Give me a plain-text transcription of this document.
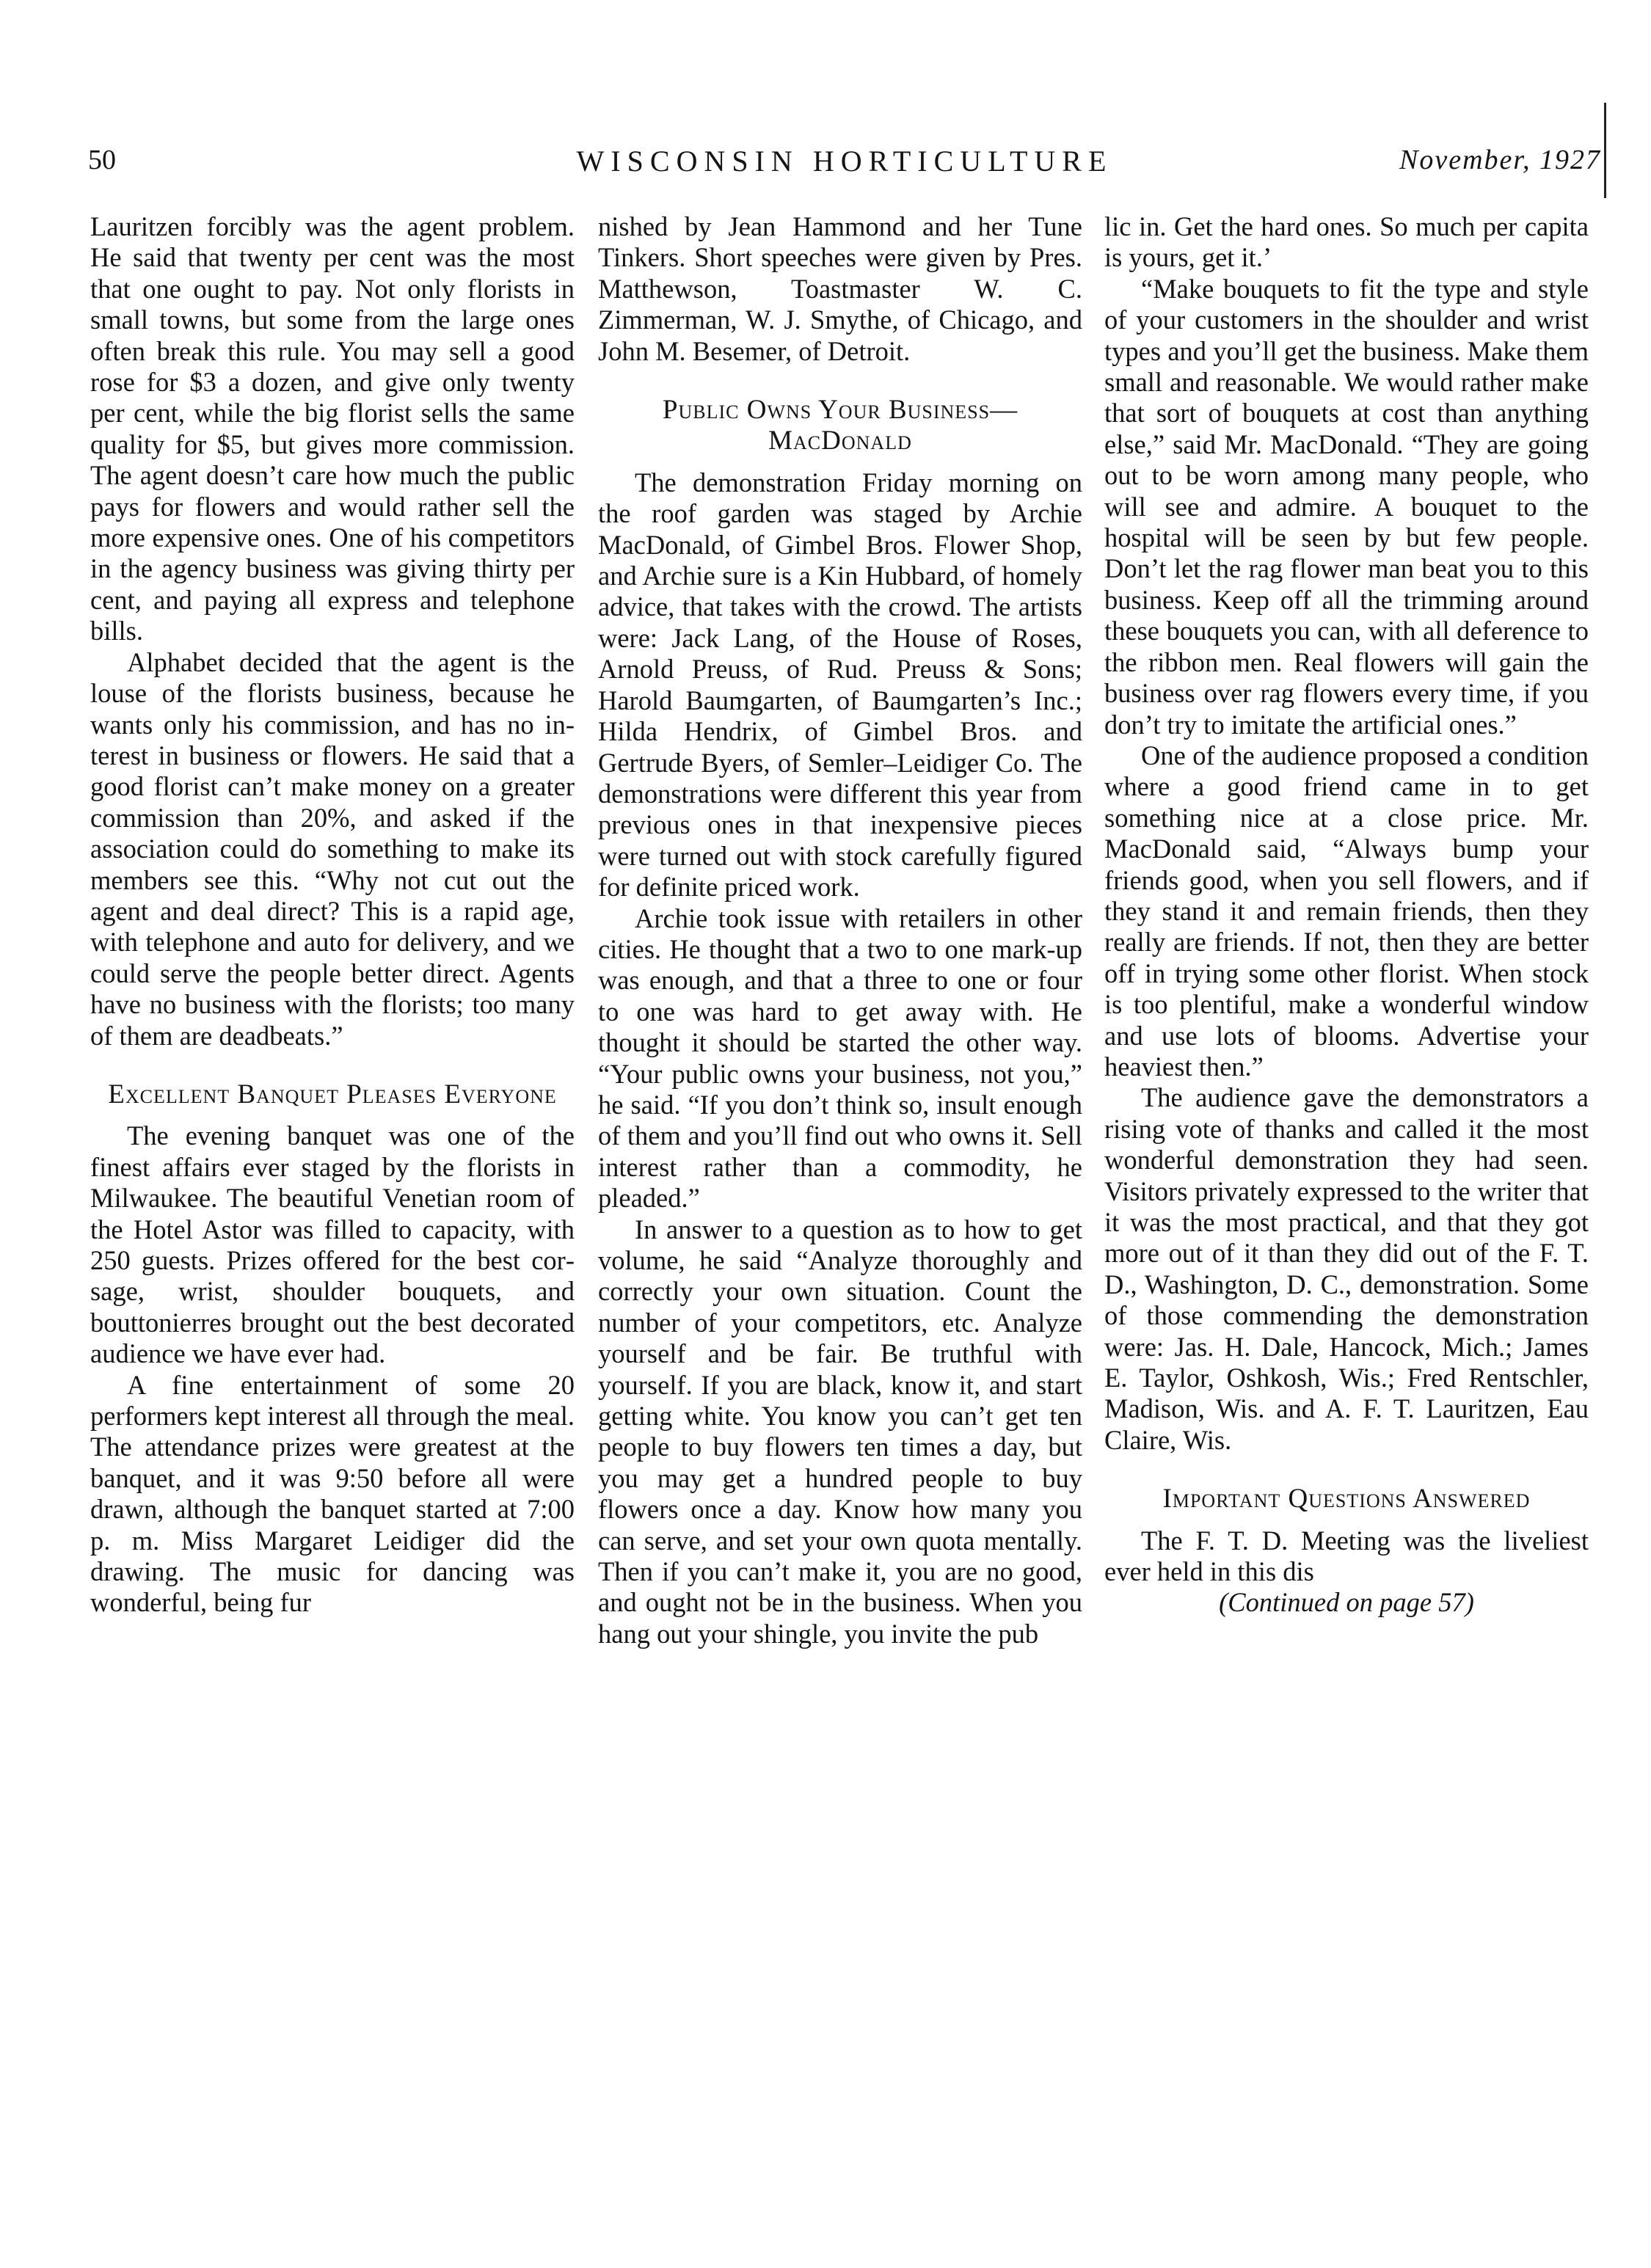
50	WISCONSIN HORTICULTURE	November, 1927

Lauritzen forcibly was the agent problem. He said that twenty per cent was the most that one ought to pay. Not only florists in small towns, but some from the large ones often break this rule. You may sell a good rose for $3 a dozen, and give only twenty per cent, while the big florist sells the same quality for $5, but gives more commission. The agent doesn’t care how much the public pays for flowers and would rather sell the more expensive ones. One of his competitors in the agency business was giving thirty per cent, and paying all express and telephone bills.

Alphabet decided that the agent is the louse of the florists business, because he wants only his commission, and has no interest in business or flowers. He said that a good florist can’t make money on a greater commission than 20%, and asked if the association could do something to make its members see this. “Why not cut out the agent and deal direct? This is a rapid age, with telephone and auto for delivery, and we could serve the people better direct. Agents have no business with the florists; too many of them are deadbeats.”

Excellent Banquet Pleases Everyone

The evening banquet was one of the finest affairs ever staged by the florists in Milwaukee. The beautiful Venetian room of the Hotel Astor was filled to capacity, with 250 guests. Prizes offered for the best corsage, wrist, shoulder bouquets, and bouttonierres brought out the best decorated audience we have ever had.

A fine entertainment of some 20 performers kept interest all through the meal. The attendance prizes were greatest at the banquet, and it was 9:50 before all were drawn, although the banquet started at 7:00 p. m. Miss Margaret Leidiger did the drawing. The music for dancing was wonderful, being fur

nished by Jean Hammond and her Tune Tinkers. Short speeches were given by Pres. Matthewson, Toastmaster W. C. Zimmerman, W. J. Smythe, of Chicago, and John M. Besemer, of Detroit.

Public Owns Your Business— MacDonald

The demonstration Friday morning on the roof garden was staged by Archie MacDonald, of Gimbel Bros. Flower Shop, and Archie sure is a Kin Hubbard, of homely advice, that takes with the crowd. The artists were: Jack Lang, of the House of Roses, Arnold Preuss, of Rud. Preuss & Sons; Harold Baumgarten, of Baumgarten’s Inc.; Hilda Hendrix, of Gimbel Bros. and Gertrude Byers, of Semler–Leidiger Co. The demonstrations were different this year from previous ones in that inexpensive pieces were turned out with stock carefully figured for definite priced work.

Archie took issue with retailers in other cities. He thought that a two to one mark-up was enough, and that a three to one or four to one was hard to get away with. He thought it should be started the other way. “Your public owns your business, not you,” he said. “If you don’t think so, insult enough of them and you’ll find out who owns it. Sell interest rather than a commodity, he pleaded.”

In answer to a question as to how to get volume, he said “Analyze thoroughly and correctly your own situation. Count the number of your competitors, etc. Analyze yourself and be fair. Be truthful with yourself. If you are black, know it, and start getting white. You know you can’t get ten people to buy flowers ten times a day, but you may get a hundred people to buy flowers once a day. Know how many you can serve, and set your own quota mentally. Then if you can’t make it, you are no good, and ought not be in the business. When you hang out your shingle, you invite the pub

lic in. Get the hard ones. So much per capita is yours, get it.’

“Make bouquets to fit the type and style of your customers in the shoulder and wrist types and you’ll get the business. Make them small and reasonable. We would rather make that sort of bouquets at cost than anything else,” said Mr. MacDonald. “They are going out to be worn among many people, who will see and admire. A bouquet to the hospital will be seen by but few people. Don’t let the rag flower man beat you to this business. Keep off all the trimming around these bouquets you can, with all deference to the ribbon men. Real flowers will gain the business over rag flowers every time, if you don’t try to imitate the artificial ones.”

One of the audience proposed a condition where a good friend came in to get something nice at a close price. Mr. MacDonald said, “Always bump your friends good, when you sell flowers, and if they stand it and remain friends, then they really are friends. If not, then they are better off in trying some other florist. When stock is too plentiful, make a wonderful window and use lots of blooms. Advertise your heaviest then.”

The audience gave the demonstrators a rising vote of thanks and called it the most wonderful demonstration they had seen. Visitors privately expressed to the writer that it was the most practical, and that they got more out of it than they did out of the F. T. D., Washington, D. C., demonstration. Some of those commending the demonstration were: Jas. H. Dale, Hancock, Mich.; James E. Taylor, Oshkosh, Wis.; Fred Rentschler, Madison, Wis. and A. F. T. Lauritzen, Eau Claire, Wis.

Important Questions Answered

The F. T. D. Meeting was the liveliest ever held in this dis

(Continued on page 57)
